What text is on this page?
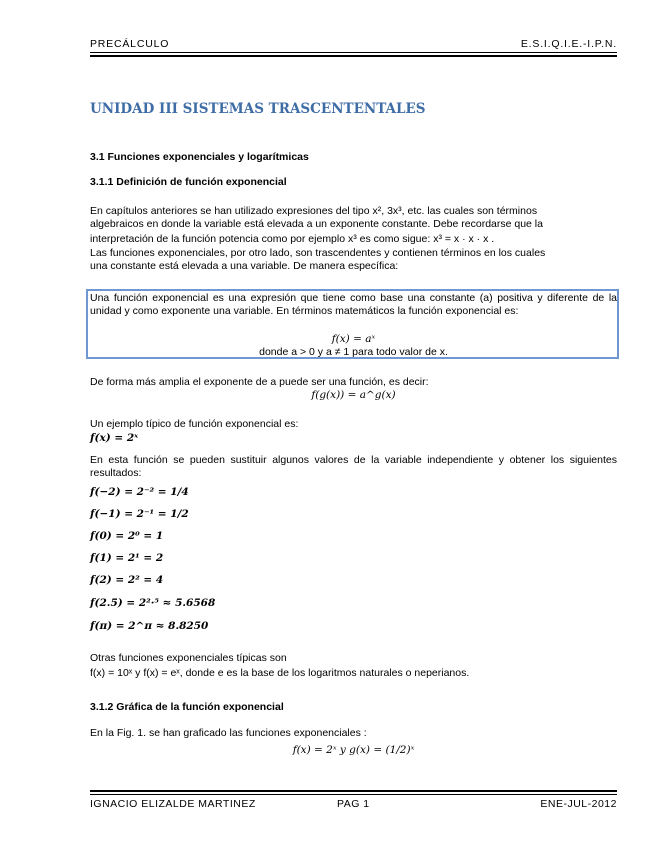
PRECÁLCULO	E.S.I.Q.I.E.-I.P.N.
UNIDAD III SISTEMAS TRASCENTENTALES
3.1 Funciones exponenciales y logarítmicas
3.1.1 Definición de función exponencial
En capítulos anteriores se han utilizado expresiones del tipo x², 3x³, etc. las cuales son términos
algebraicos en donde la variable está elevada a un exponente constante. Debe recordarse que la
interpretación de la función potencia como por ejemplo x³ es como sigue: x³ = x · x · x .
Las funciones exponenciales, por otro lado, son trascendentes y contienen términos en los cuales
una constante está elevada a una variable. De manera específica:
Una función exponencial es una expresión que tiene como base una constante (a) positiva y diferente de la unidad y como exponente una variable. En términos matemáticos la función exponencial es:
f(x) = aˣ
donde a > 0 y a ≠ 1 para todo valor de x.
De forma más amplia el exponente de a puede ser una función, es decir:
f(g(x)) = a^g(x)
Un ejemplo típico de función exponencial es:
f(x) = 2ˣ
En esta función se pueden sustituir algunos valores de la variable independiente y obtener los siguientes resultados:
f(−2) = 2⁻² = 1/4
f(−1) = 2⁻¹ = 1/2
f(0) = 2⁰ = 1
f(1) = 2¹ = 2
f(2) = 2² = 4
f(2.5) = 2²·⁵ ≈ 5.6568
f(π) = 2^π ≈ 8.8250
Otras funciones exponenciales típicas son
f(x) = 10ˣ y f(x) = eˣ, donde e es la base de los logaritmos naturales o neperianos.
3.1.2 Gráfica de la función exponencial
En la Fig. 1. se han graficado las funciones exponenciales :
f(x) = 2ˣ y g(x) = (1/2)ˣ
IGNACIO ELIZALDE MARTINEZ	PAG 1	ENE-JUL-2012
